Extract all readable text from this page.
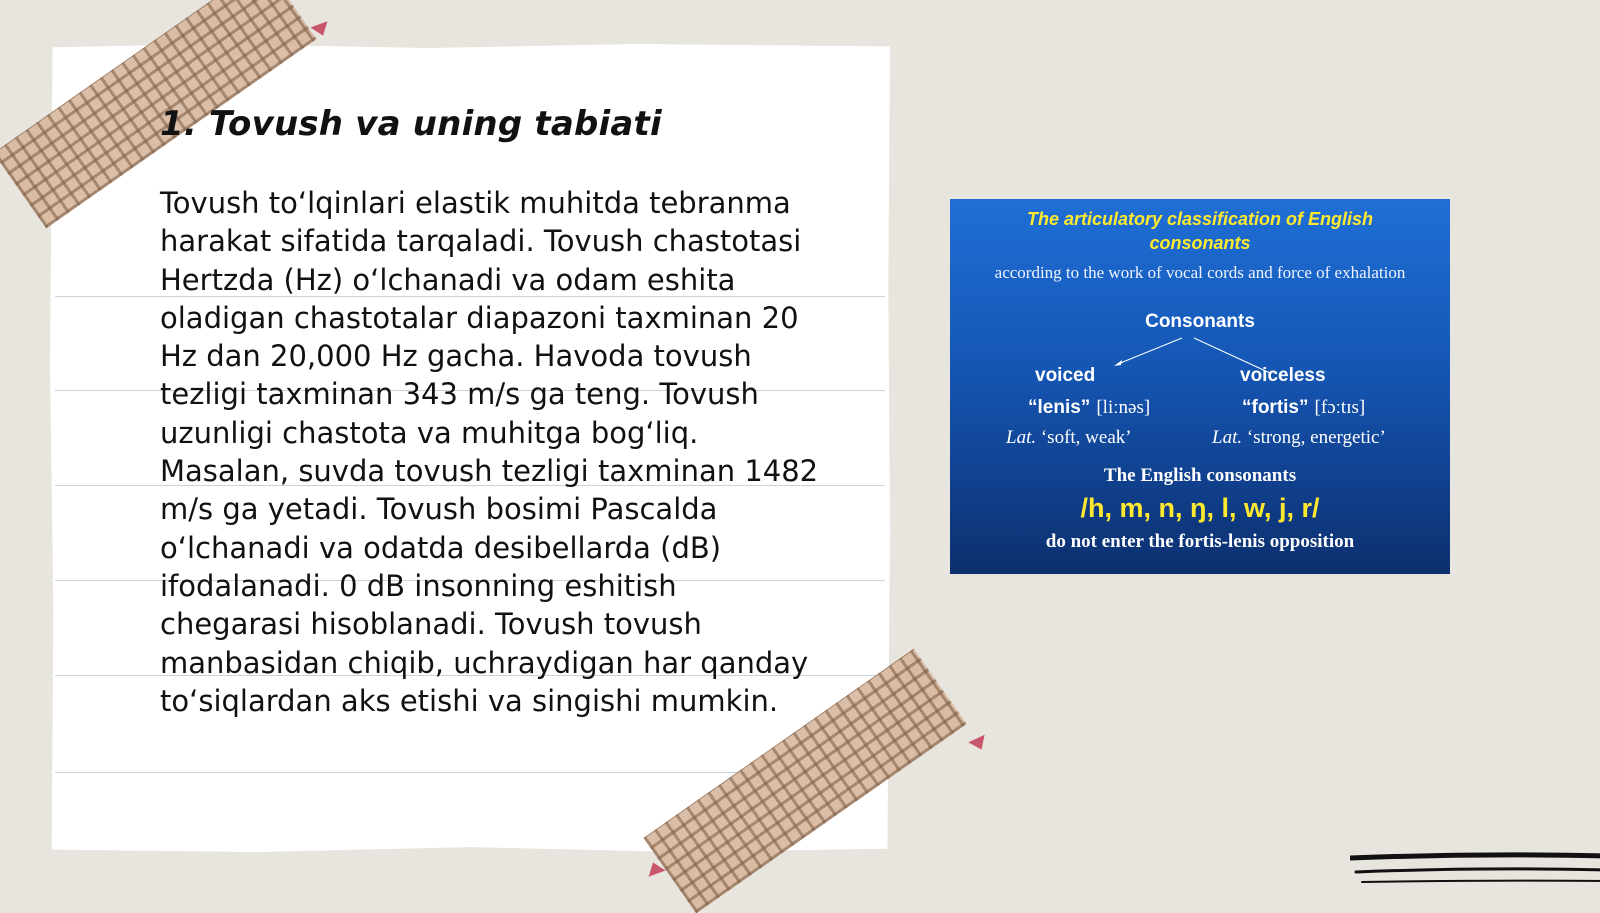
1. Tovush va uning tabiati

Tovush toʻlqinlari elastik muhitda tebranma
harakat sifatida tarqaladi. Tovush chastotasi
Hertzda (Hz) oʻlchanadi va odam eshita
oladigan chastotalar diapazoni taxminan 20
Hz dan 20,000 Hz gacha. Havoda tovush
tezligi taxminan 343 m/s ga teng. Tovush
uzunligi chastota va muhitga bogʻliq.
Masalan, suvda tovush tezligi taxminan 1482
m/s ga yetadi. Tovush bosimi Pascalda
oʻlchanadi va odatda desibellarda (dB)
ifodalanadi. 0 dB insonning eshitish
chegarasi hisoblanadi. Tovush tovush
manbasidan chiqib, uchraydigan har qanday
toʻsiqlardan aks etishi va singishi mumkin.

The articulatory classification of English consonants
according to the work of vocal cords and force of exhalation
Consonants
voiced	voiceless
“lenis” [liːnəs]	“fortis” [fɔːtɪs]
Lat. ‘soft, weak’	Lat. ‘strong, energetic’
The English consonants
/h, m, n, ŋ, l, w, j, r/
do not enter the fortis-lenis opposition
